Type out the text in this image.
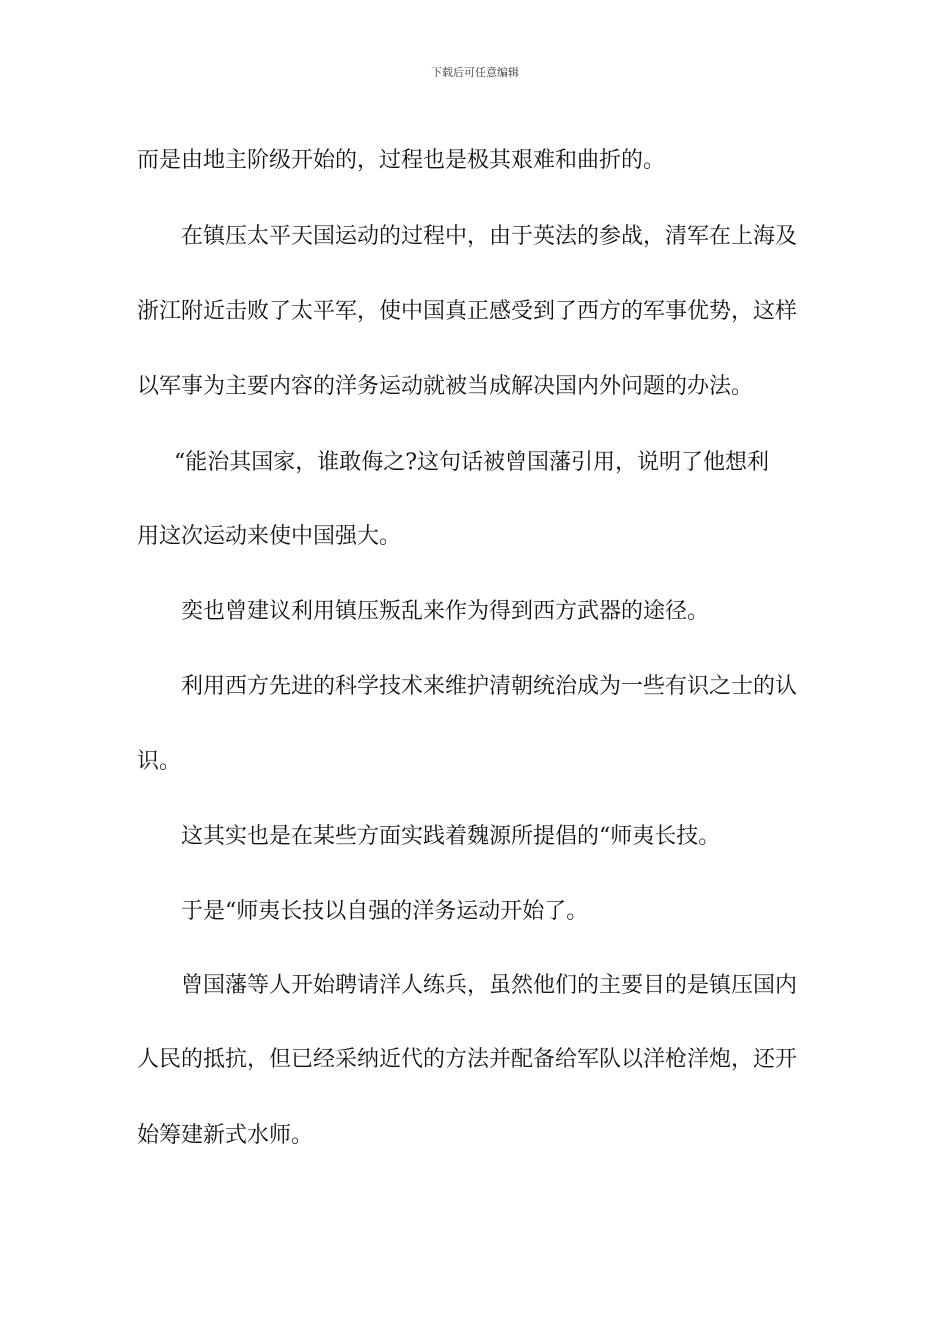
下载后可任意编辑
而是由地主阶级开始的，过程也是极其艰难和曲折的。
在镇压太平天国运动的过程中，由于英法的参战，清军在上海及
浙江附近击败了太平军，使中国真正感受到了西方的军事优势，这样
以军事为主要内容的洋务运动就被当成解决国内外问题的办法。
“能治其国家，谁敢侮之?这句话被曾国藩引用，说明了他想利
用这次运动来使中国强大。
奕也曾建议利用镇压叛乱来作为得到西方武器的途径。
利用西方先进的科学技术来维护清朝统治成为一些有识之士的认
识。
这其实也是在某些方面实践着魏源所提倡的“师夷长技。
于是“师夷长技以自强的洋务运动开始了。
曾国藩等人开始聘请洋人练兵，虽然他们的主要目的是镇压国内
人民的抵抗，但已经采纳近代的方法并配备给军队以洋枪洋炮，还开
始筹建新式水师。
